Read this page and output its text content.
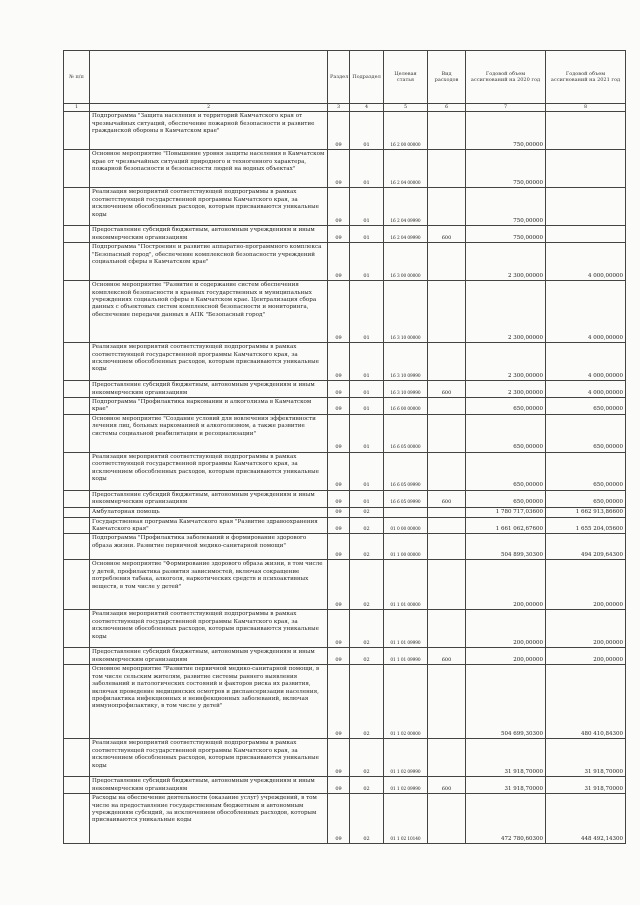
№ п/п		Раздел	Подраздел	Целевая статья	Вид расходов	Годовой объем ассигнований на 2020 год	Годовой объем ассигнований на 2021 год
1	2	3	4	5	6	7	8
	Подпрограмма "Защита населения и территорий Камчатского края от чрезвычайных ситуаций, обеспечение пожарной безопасности и развитие гражданской обороны в Камчатском крае"	09	01	16 2 00 00000		750,00000	
	Основное мероприятие "Повышение уровня защиты населения в Камчатском крае от чрезвычайных ситуаций природного и техногенного характера, пожарной безопасности и безопасности людей на водных объектах"	09	01	16 2 04 00000		750,00000	
	Реализация мероприятий соответствующей подпрограммы в рамках соответствующей государственной программы Камчатского края, за исключением обособленных расходов, которым присваиваются уникальные коды	09	01	16 2 04 09990		750,00000	
	Предоставление субсидий бюджетным, автономным учреждениям и иным некоммерческим организациям	09	01	16 2 04 09990	600	750,00000	
	Подпрограмма "Построение и развитие аппаратно-программного комплекса "Безопасный город", обеспечение комплексной безопасности учреждений социальной сферы в Камчатском крае"	09	01	16 3 00 00000		2 300,00000	4 000,00000
	Основное мероприятие "Развитие и содержание систем обеспечения комплексной безопасности в краевых государственных и муниципальных учреждениях социальной сферы в Камчатском крае. Централизация сбора данных с объектовых систем комплексной безопасности и мониторинга, обеспечение передачи данных в АПК "Безопасный город"	09	01	16 3 10 00000		2 300,00000	4 000,00000
	Реализация мероприятий соответствующей подпрограммы в рамках соответствующей государственной программы Камчатского края, за исключением обособленных расходов, которым присваиваются уникальные коды	09	01	16 3 10 09990		2 300,00000	4 000,00000
	Предоставление субсидий бюджетным, автономным учреждениям и иным некоммерческим организациям	09	01	16 3 10 09990	600	2 300,00000	4 000,00000
	Подпрограмма "Профилактика наркомании и алкоголизма в Камчатском крае"	09	01	16 6 00 00000		650,00000	650,00000
	Основное мероприятие "Создание условий для вовлечения эффективности лечения лиц, больных наркоманией и алкоголизмом, а также развитие системы социальной реабилитации и ресоциализации"	09	01	16 6 05 00000		650,00000	650,00000
	Реализация мероприятий соответствующей подпрограммы в рамках соответствующей государственной программы Камчатского края, за исключением обособленных расходов, которым присваиваются уникальные коды	09	01	16 6 05 09990		650,00000	650,00000
	Предоставление субсидий бюджетным, автономным учреждениям и иным некоммерческим организациям	09	01	16 6 05 09990	600	650,00000	650,00000
	Амбулаторная помощь	09	02			1 780 717,03600	1 662 913,86600
	Государственная программа Камчатского края "Развитие здравоохранения Камчатского края"	09	02	01 0 00 00000		1 661 062,67600	1 655 204,05600
	Подпрограмма "Профилактика заболеваний и формирование здорового образа жизни. Развитие первичной медико-санитарной помощи"	09	02	01 1 00 00000		504 899,30300	494 209,64300
	Основное мероприятие "Формирование здорового образа жизни, в том числе у детей, профилактика развития зависимостей, включая сокращение потребления табака, алкоголя, наркотических средств и психоактивных веществ, в том числе у детей"	09	02	01 1 01 00000		200,00000	200,00000
	Реализация мероприятий соответствующей подпрограммы в рамках соответствующей государственной программы Камчатского края, за исключением обособленных расходов, которым присваиваются уникальные коды	09	02	01 1 01 09990		200,00000	200,00000
	Предоставление субсидий бюджетным, автономным учреждениям и иным некоммерческим организациям	09	02	01 1 01 09990	600	200,00000	200,00000
	Основное мероприятие "Развитие первичной медико-санитарной помощи, в том числе сельским жителям, развитие системы раннего выявления заболеваний и патологических состояний и факторов риска их развития, включая проведение медицинских осмотров и диспансеризации населения, профилактика инфекционных и неинфекционных заболеваний, включая иммунопрофилактику, в том числе у детей"	09	02	01 1 02 00000		504 699,30300	480 410,84300
	Реализация мероприятий соответствующей подпрограммы в рамках соответствующей государственной программы Камчатского края, за исключением обособленных расходов, которым присваиваются уникальные коды	09	02	01 1 02 09990		31 918,70000	31 918,70000
	Предоставление субсидий бюджетным, автономным учреждениям и иным некоммерческим организациям	09	02	01 1 02 09990	600	31 918,70000	31 918,70000
	Расходы на обеспечение деятельности (оказание услуг) учреждений, в том числе на предоставление государственным бюджетным и автономным учреждениям субсидий, за исключением обособленных расходов, которым присваиваются уникальные коды	09	02	01 1 02 10140		472 780,60300	448 492,14300
